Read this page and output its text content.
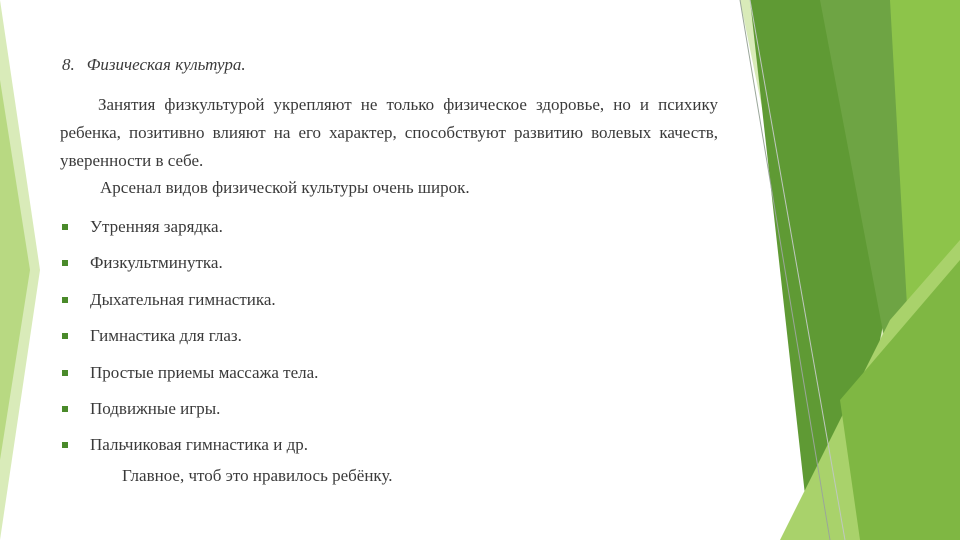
8. Физическая культура.

Занятия физкультурой укрепляют не только физическое здоровье, но и психику ребенка, позитивно влияют на его характер, способствуют развитию волевых качеств, уверенности в себе.

Арсенал видов физической культуры очень широк.

Утренняя зарядка.
Физкультминутка.
Дыхательная гимнастика.
Гимнастика для глаз.
Простые приемы массажа тела.
Подвижные игры.
Пальчиковая гимнастика и др.

Главное, чтоб это нравилось ребёнку.
